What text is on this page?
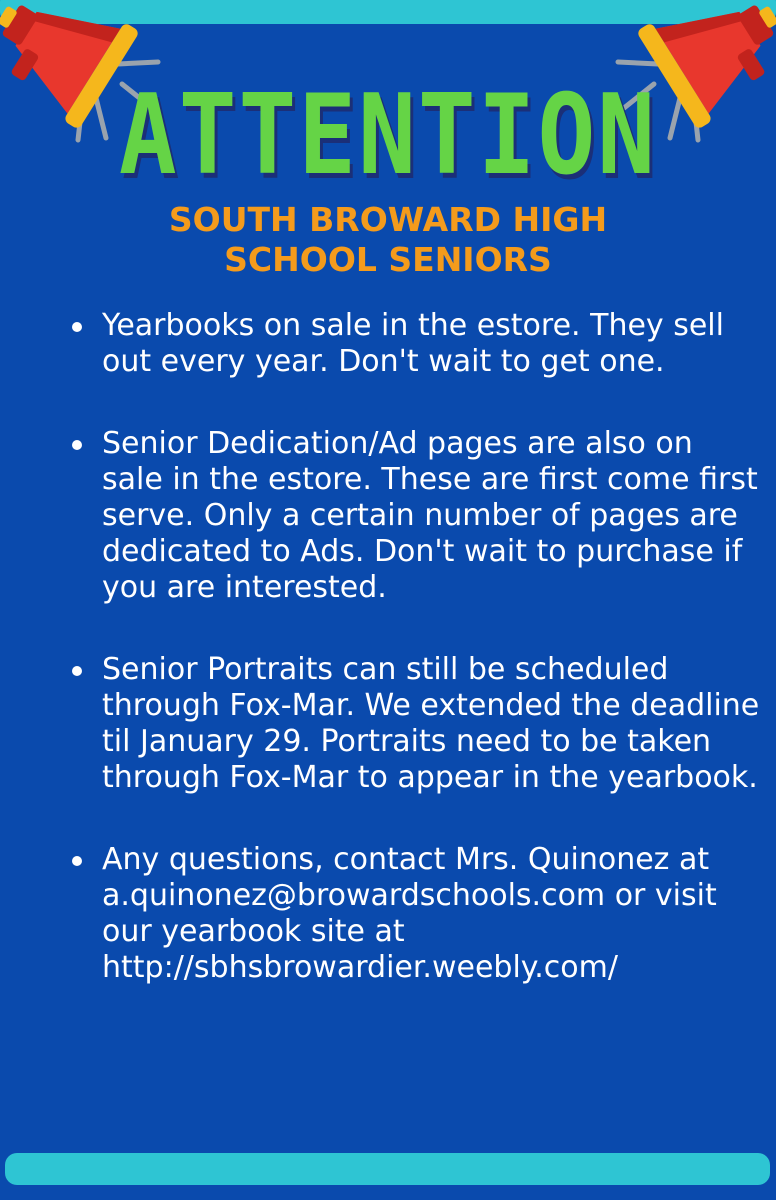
ATTENTION
SOUTH BROWARD HIGH SCHOOL SENIORS
Yearbooks on sale in the estore. They sell out every year. Don't wait to get one.
Senior Dedication/Ad pages are also on sale in the estore. These are first come first serve. Only a certain number of pages are dedicated to Ads. Don't wait to purchase if you are interested.
Senior Portraits can still be scheduled through Fox-Mar. We extended the deadline til January 29. Portraits need to be taken through Fox-Mar to appear in the yearbook.
Any questions, contact Mrs. Quinonez at a.quinonez@browardschools.com or visit our yearbook site at http://sbhsbrowardier.weebly.com/
